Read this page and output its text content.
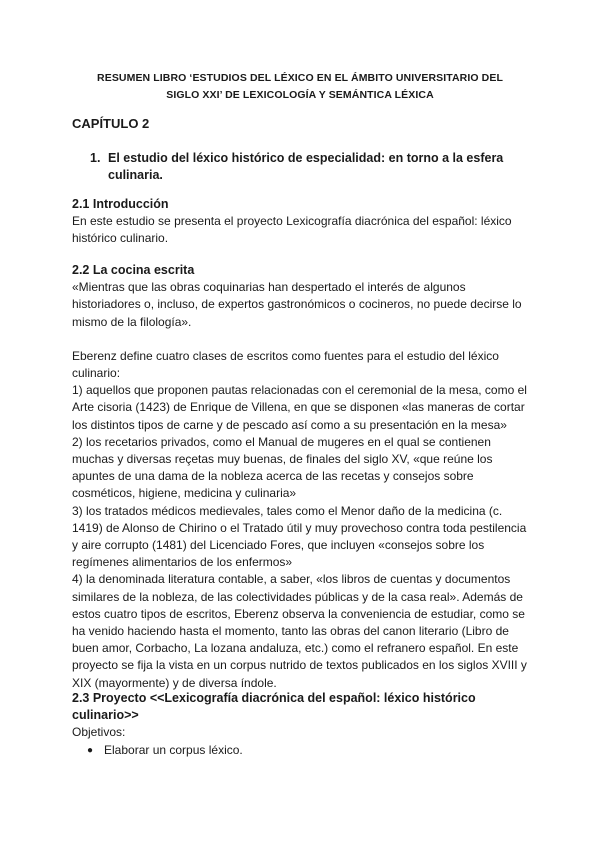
RESUMEN LIBRO ‘ESTUDIOS DEL LÉXICO EN EL ÁMBITO UNIVERSITARIO DEL
SIGLO XXI’ DE LEXICOLOGÍA Y SEMÁNTICA LÉXICA
CAPÍTULO 2
1. El estudio del léxico histórico de especialidad: en torno a la esfera culinaria.
2.1 Introducción

En este estudio se presenta el proyecto Lexicografía diacrónica del español: léxico histórico culinario.

2.2 La cocina escrita

«Mientras que las obras coquinarias han despertado el interés de algunos historiadores o, incluso, de expertos gastronómicos o cocineros, no puede decirse lo mismo de la filología».

Eberenz define cuatro clases de escritos como fuentes para el estudio del léxico culinario:

1) aquellos que proponen pautas relacionadas con el ceremonial de la mesa, como el Arte cisoria (1423) de Enrique de Villena, en que se disponen «las maneras de cortar los distintos tipos de carne y de pescado así como a su presentación en la mesa»

2) los recetarios privados, como el Manual de mugeres en el qual se contienen muchas y diversas reçetas muy buenas, de finales del siglo XV, «que reúne los apuntes de una dama de la nobleza acerca de las recetas y consejos sobre cosméticos, higiene, medicina y culinaria»

3) los tratados médicos medievales, tales como el Menor daño de la medicina (c. 1419) de Alonso de Chirino o el Tratado útil y muy provechoso contra toda pestilencia y aire corrupto (1481) del Licenciado Fores, que incluyen «consejos sobre los regímenes alimentarios de los enfermos»

4) la denominada literatura contable, a saber, «los libros de cuentas y documentos similares de la nobleza, de las colectividades públicas y de la casa real». Además de estos cuatro tipos de escritos, Eberenz observa la conveniencia de estudiar, como se ha venido haciendo hasta el momento, tanto las obras del canon literario (Libro de buen amor, Corbacho, La lozana andaluza, etc.) como el refranero español. En este proyecto se fija la vista en un corpus nutrido de textos publicados en los siglos XVIII y XIX (mayormente) y de diversa índole.

2.3 Proyecto <<Lexicografía diacrónica del español: léxico histórico culinario>>

Objetivos:

● Elaborar un corpus léxico.
